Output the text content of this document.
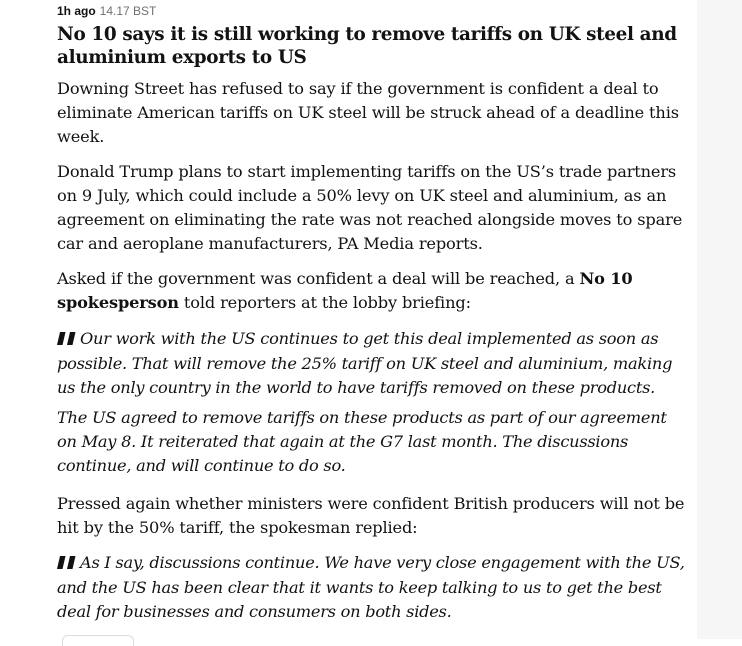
1h ago 14.17 BST
No 10 says it is still working to remove tariffs on UK steel and aluminium exports to US

Downing Street has refused to say if the government is confident a deal to eliminate American tariffs on UK steel will be struck ahead of a deadline this week.

Donald Trump plans to start implementing tariffs on the US’s trade partners on 9 July, which could include a 50% levy on UK steel and aluminium, as an agreement on eliminating the rate was not reached alongside moves to spare car and aeroplane manufacturers, PA Media reports.

Asked if the government was confident a deal will be reached, a No 10 spokesperson told reporters at the lobby briefing:

Our work with the US continues to get this deal implemented as soon as possible. That will remove the 25% tariff on UK steel and aluminium, making us the only country in the world to have tariffs removed on these products.
The US agreed to remove tariffs on these products as part of our agreement on May 8. It reiterated that again at the G7 last month. The discussions continue, and will continue to do so.

Pressed again whether ministers were confident British producers will not be hit by the 50% tariff, the spokesman replied:

As I say, discussions continue. We have very close engagement with the US, and the US has been clear that it wants to keep talking to us to get the best deal for businesses and consumers on both sides.
